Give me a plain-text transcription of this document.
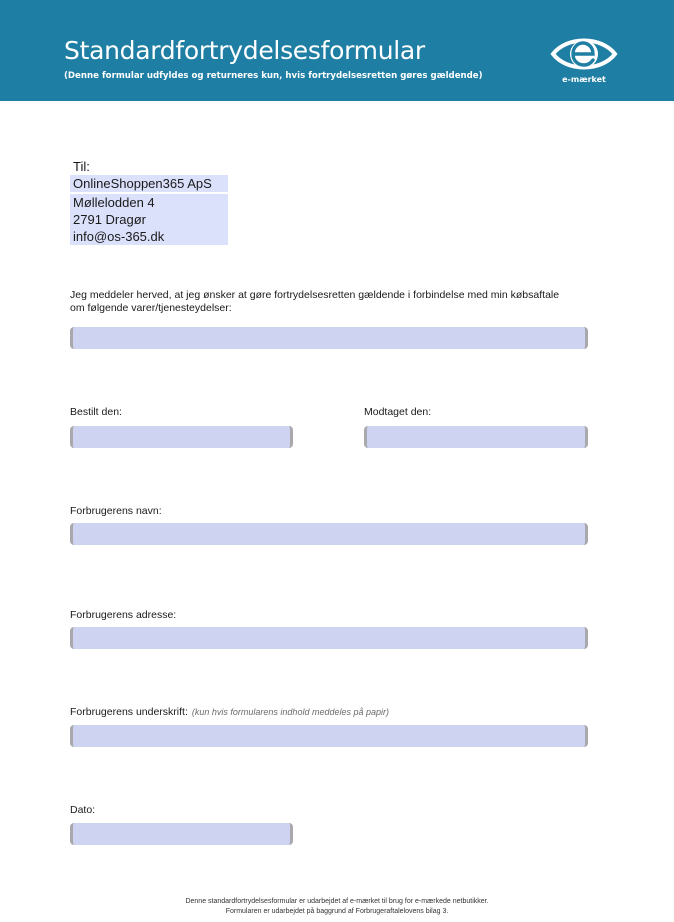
Standardfortrydelsesformular
(Denne formular udfyldes og returneres kun, hvis fortrydelsesretten gøres gældende)	e-mærket
Til:
OnlineShoppen365 ApS
Møllelodden 4
2791 Dragør
info@os-365.dk
Jeg meddeler herved, at jeg ønsker at gøre fortrydelsesretten gældende i forbindelse med min købsaftale om følgende varer/tjenesteydelser:
Bestilt den:	Modtaget den:
Forbrugerens navn:
Forbrugerens adresse:
Forbrugerens underskrift: (kun hvis formularens indhold meddeles på papir)
Dato:
Denne standardfortrydelsesformular er udarbejdet af e-mærket til brug for e-mærkede netbutikker.
Formularen er udarbejdet på baggrund af Forbrugeraftalelovens bilag 3.
